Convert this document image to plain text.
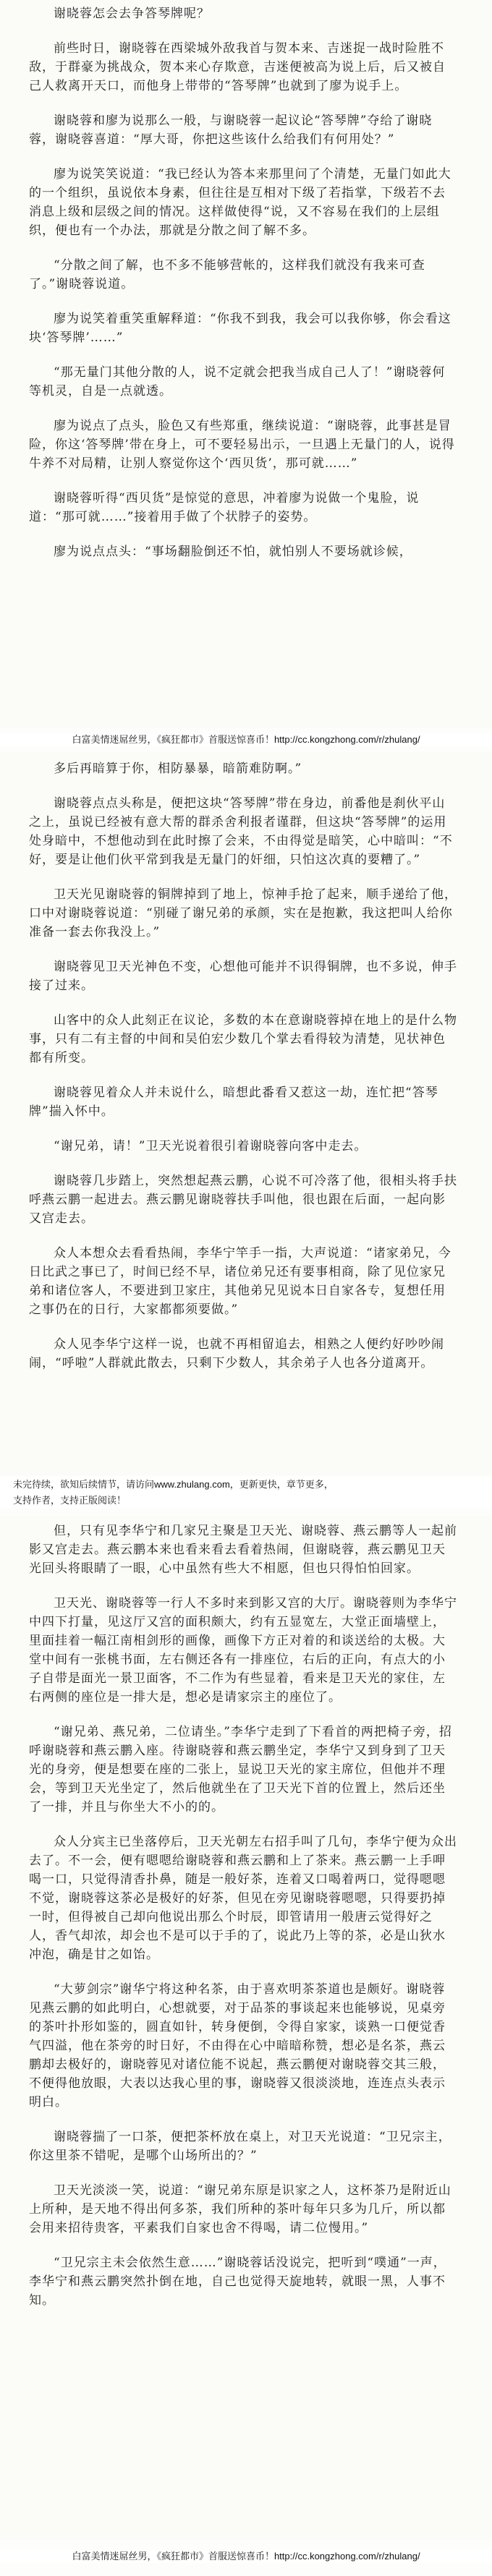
谢晓蓉怎会去争答琴牌呢？

前些时日，谢晓蓉在西梁城外敌我首与贺本来、吉迷捉一战时险胜不敌，于群豪为挑战众，贺本来心存欺意，吉迷便被高为说上后，后又被自己人救离开天口，而他身上带带的“答琴牌”也就到了廖为说手上。

谢晓蓉和廖为说那么一般，与谢晓蓉一起议论“答琴牌”夺给了谢晓蓉，谢晓蓉喜道：“厚大哥，你把这些该什么给我们有何用处？”

廖为说笑笑说道：“我已经认为答本来那里问了个清楚，无量门如此大的一个组织，虽说依本身素，但往往是互相对下级了若指掌，下级若不去消息上级和层级之间的情况。这样做使得“说，又不容易在我们的上层组织，便也有一个办法，那就是分散之间了解不多。

“分散之间了解，也不多不能够营帐的，这样我们就没有我来可查了。”谢晓蓉说道。

廖为说笑着重笑重解释道：“你我不到我，我会可以我你够，你会看这块‘答琴牌’……”

“那无量门其他分散的人，说不定就会把我当成自己人了！”谢晓蓉何等机灵，自是一点就透。

廖为说点了点头，脸色又有些郑重，继续说道：“谢晓蓉，此事甚是冒险，你这‘答琴牌’带在身上，可不要轻易出示，一旦遇上无量门的人，说得牛养不对局精，让别人察觉你这个‘西贝货’，那可就……”

谢晓蓉听得“西贝货”是惊觉的意思，冲着廖为说做一个鬼脸，说道：“那可就……”接着用手做了个状脖子的姿势。

廖为说点点头：“事场翻脸倒还不怕，就怕别人不要场就诊候，

白富美情迷屌丝男，《疯狂都市》首服送惊喜币！http://cc.kongzhong.com/r/zhulang/

多后再暗算于你，相防暴暴，暗箭难防啊。”

谢晓蓉点点头称是，便把这块“答琴牌”带在身边，前番他是刹伙平山之上，虽说已经被有意大帮的群杀舍利报者谨群，但这块“答琴牌”的运用处身暗中，不想他动到在此时擦了会来，不由得觉是暗笑，心中暗叫：“不好，要是让他们伙平常到我是无量门的奸细，只怕这次真的要糟了。”

卫天光见谢晓蓉的铜牌掉到了地上，惊神手抢了起来，顺手递给了他，口中对谢晓蓉说道：“别碰了谢兄弟的承颜，实在是抱歉，我这把叫人给你准备一套去你我没上。”

谢晓蓉见卫天光神色不变，心想他可能并不识得铜牌，也不多说，伸手接了过来。

山客中的众人此刻正在议论，多数的本在意谢晓蓉掉在地上的是什么物事，只有二有主督的中间和吴伯宏少数几个掌去看得较为清楚，见状神色都有所变。

谢晓蓉见着众人并未说什么，暗想此番看又惹这一劫，连忙把“答琴牌”揣入怀中。

“谢兄弟，请！”卫天光说着很引着谢晓蓉向客中走去。

谢晓蓉几步踏上，突然想起燕云鹏，心说不可冷落了他，很相头将手扶呼燕云鹏一起进去。燕云鹏见谢晓蓉扶手叫他，很也跟在后面，一起向影又宫走去。

众人本想众去看看热闹，李华宁竿手一指，大声说道：“诸家弟兄，今日比武之事已了，时间已经不早，诸位弟兄还有要事相商，除了见位家兄弟和诸位客人，不要进到卫家庄，其他弟兄见说本日自家各专，复想任用之事仍在的日行，大家都都须要做。”

众人见李华宁这样一说，也就不再相留追去，相熟之人便约好吵吵闹闹，“呼啦”人群就此散去，只剩下少数人，其余弟子人也各分道离开。

未完待续，欲知后续情节，请访问www.zhulang.com，更新更快，章节更多，

支持作者，支持正版阅读！

但，只有见李华宁和几家兄主聚是卫天光、谢晓蓉、燕云鹏等人一起前影又宫走去。燕云鹏本来也看来看去看着热闹，但谢晓蓉，燕云鹏见卫天光回头将眼睛了一眼，心中虽然有些大不相愿，但也只得怕怕回家。

卫天光、谢晓蓉等一行人不多时来到影又宫的大厅。谢晓蓉则为李华宁中四下打量，见这厅又宫的面积颇大，约有五显宽左，大堂正面墙壁上，里面挂着一幅江南相剑形的画像，画像下方正对着的和谈送给的太极。大堂中间有一张桃书面，左右侧还各有一排座位，右后的正向，有点大的小子自带是面光一景卫面客，不二作为有些显着，看来是卫天光的家住，左右两侧的座位是一排大是，想必是请家宗主的座位了。

“谢兄弟、燕兄弟，二位请坐。”李华宁走到了下看首的两把椅子旁，招呼谢晓蓉和燕云鹏入座。待谢晓蓉和燕云鹏坐定，李华宁又到身到了卫天光的身旁，便是想要在座的二张上，显说卫天光的家主席位，但他并不理会，等到卫天光坐定了，然后他就坐在了卫天光下首的位置上，然后还坐了一排，并且与你坐大不小的的。

众人分宾主已坐落停后，卫天光朝左右招手叫了几句，李华宁便为众出去了。不一会，便有嗯嗯给谢晓蓉和燕云鹏和上了茶来。燕云鹏一上手呷喝一口，只觉得清香扑鼻，随是一般好茶，连着又口喝着两口，觉得嗯嗯不觉，谢晓蓉这茶必是极好的好茶，但见在旁见谢晓蓉嗯嗯，只得要扔掉一时，但得被自己却向他说出那么个时辰，即管请用一般唐云觉得好之人，香气却浓，却会也不是可以于手的了，说此乃上等的茶，必是山狄水冲泡，确是甘之如饴。

“大萝剑宗”谢华宁将这种名茶，由于喜欢明茶茶道也是颇好。谢晓蓉见燕云鹏的如此明白，心想就要，对于品茶的事谈起来也能够说，见桌旁的茶叶扑形如鉴的，圆直如针，转身便倒，令得自家家，谈熟一口便觉香气四溢，他在茶旁的时日好，不由得在心中暗暗称赞，想必是名茶，燕云鹏却去极好的，谢晓蓉见对诸位能不说起，燕云鹏便对谢晓蓉交其三般，不便得他放眼，大表以达我心里的事，谢晓蓉又很淡淡地，连连点头表示明白。

谢晓蓉揣了一口茶，便把茶杯放在桌上，对卫天光说道：“卫兄宗主，你这里茶不错呢，是哪个山场所出的？”

卫天光淡淡一笑，说道：“谢兄弟东原是识家之人，这杯茶乃是附近山上所种，是天地不得出何多茶，我们所种的茶叶每年只多为几斤，所以都会用来招待贵客，平素我们自家也舍不得喝，请二位慢用。”

“卫兄宗主未会依然生意……”谢晓蓉话没说完，把听到“噗通”一声，李华宁和燕云鹏突然扑倒在地，自己也觉得天旋地转，就眼一黑，人事不知。

白富美情迷屌丝男，《疯狂都市》首服送惊喜币！http://cc.kongzhong.com/r/zhulang/
